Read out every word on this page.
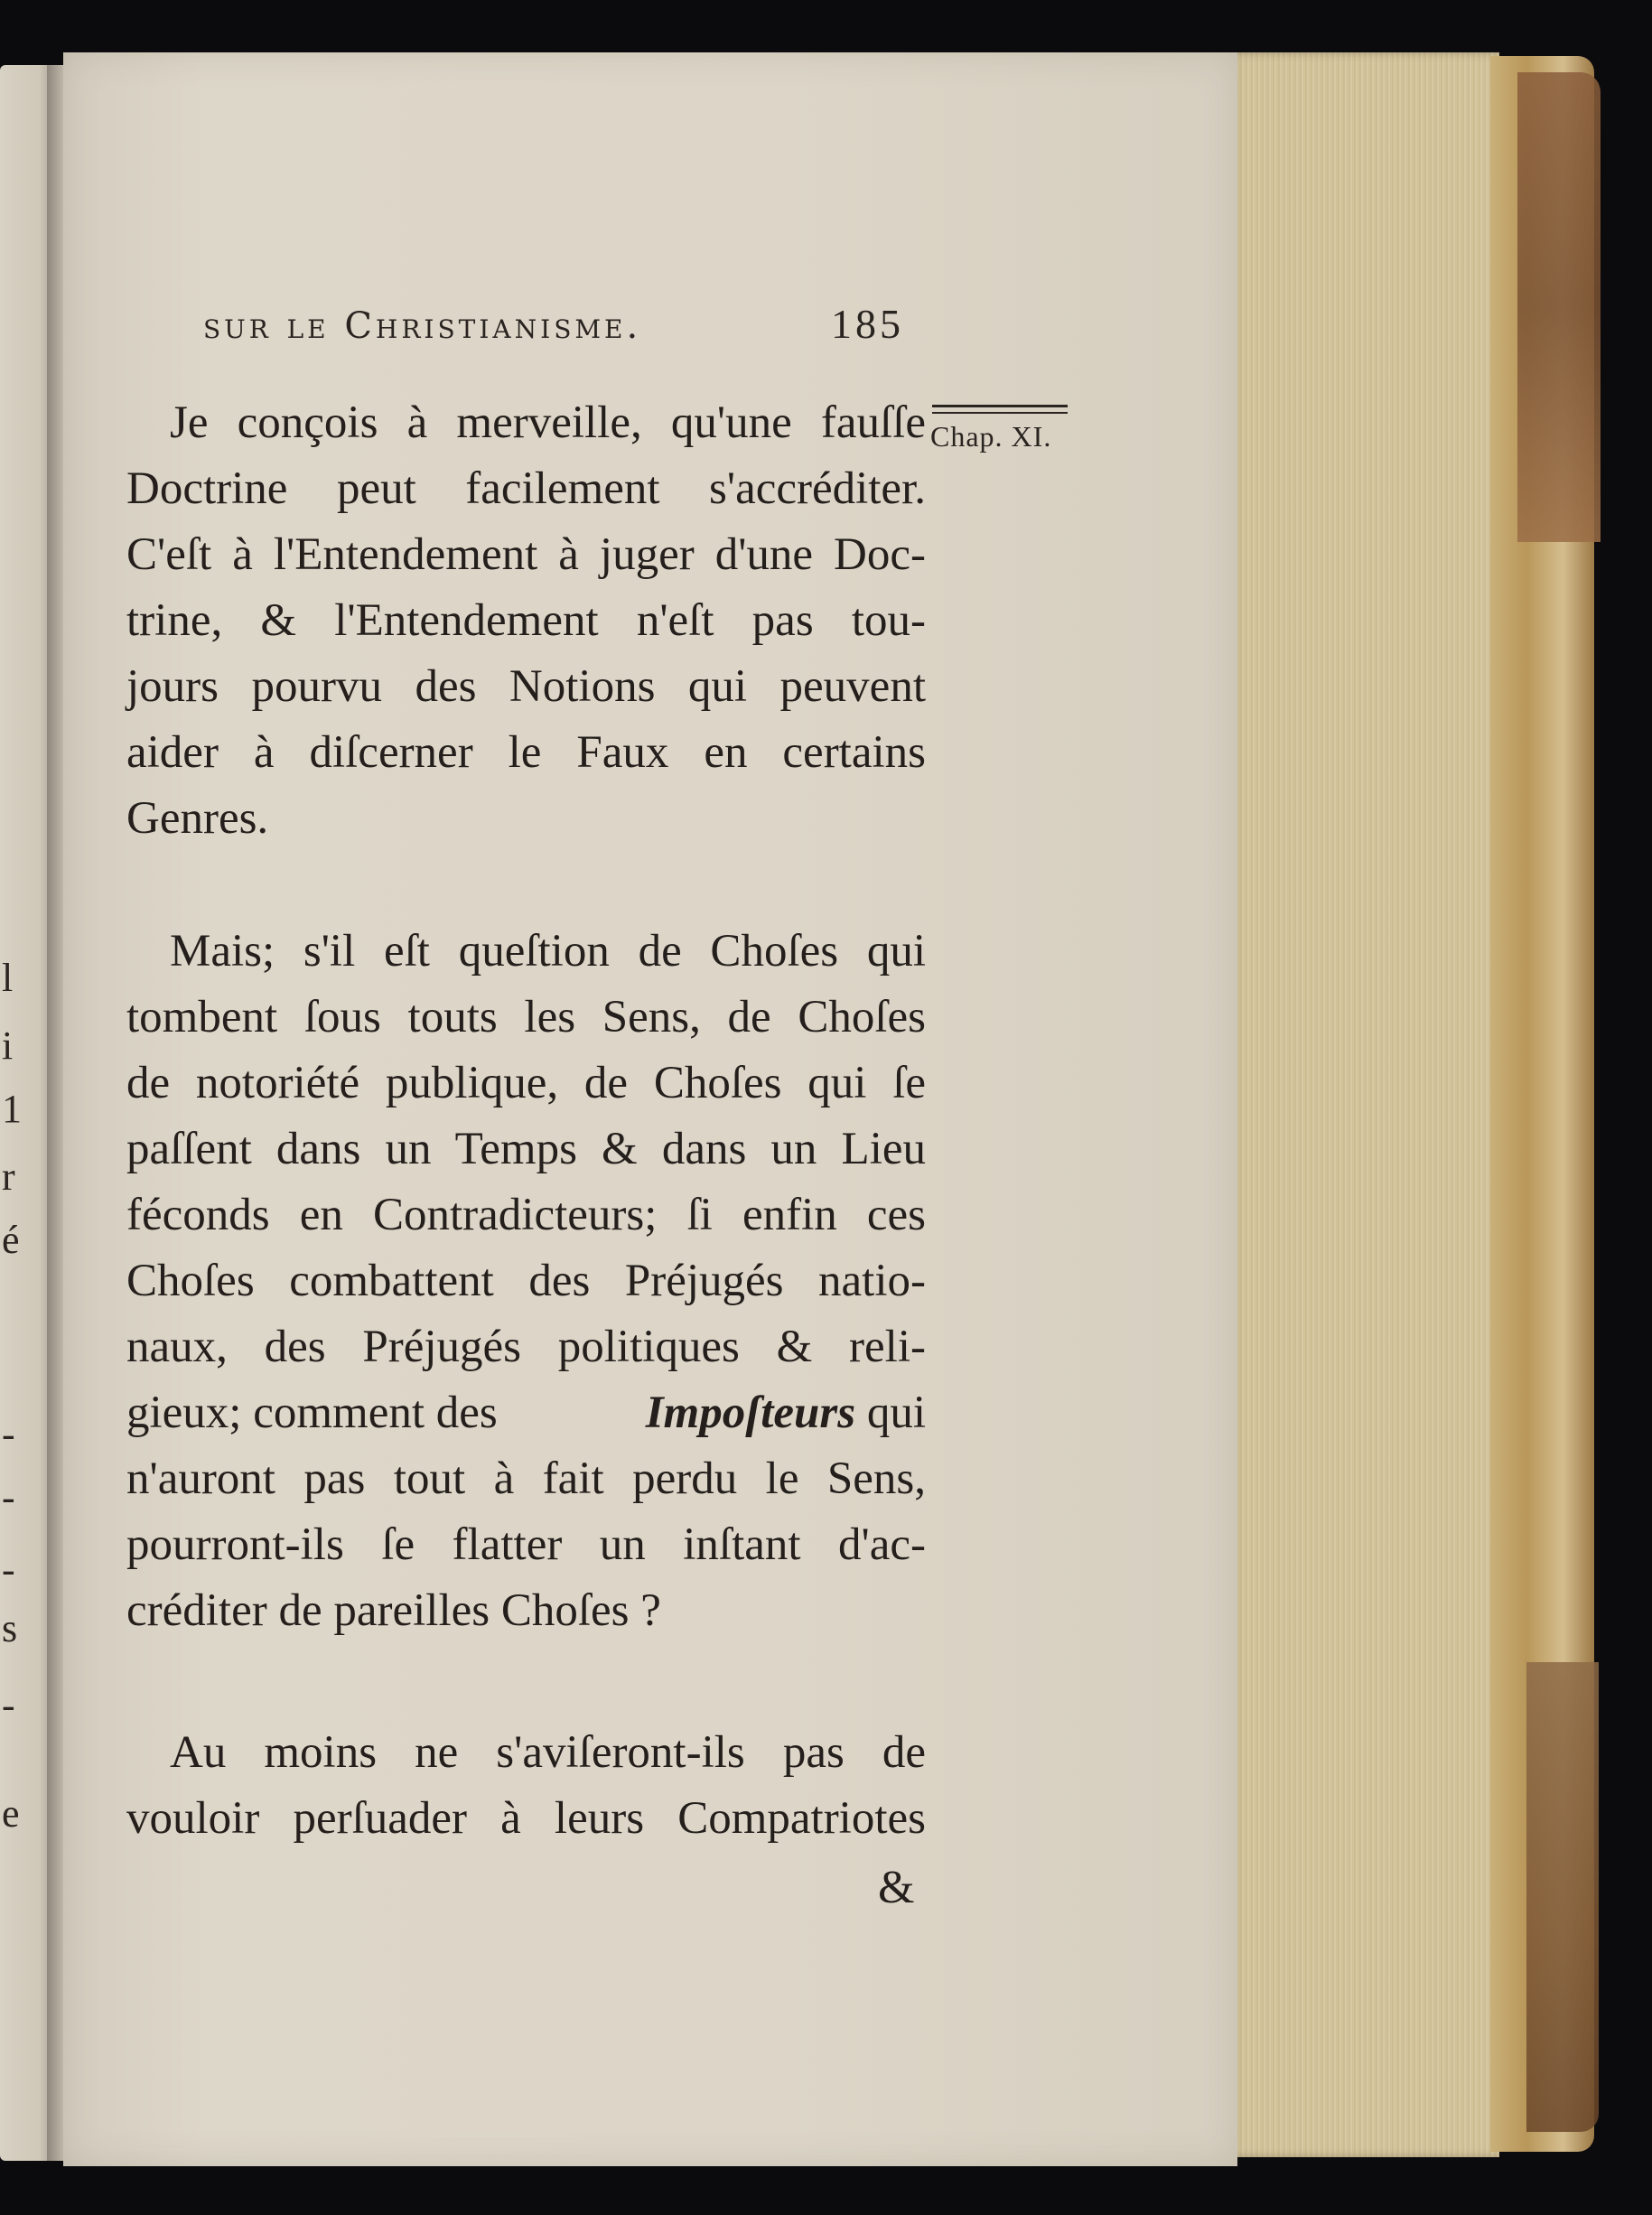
l
i
1
r
é
-
-
-
s
-
e
sur le Christianisme.	185
Chap. XI.
Je conçois à merveille, qu'une fauſſe
Doctrine peut facilement s'accréditer.
C'eſt à l'Entendement à juger d'une Doc-
trine, & l'Entendement n'eſt pas tou-
jours pourvu des Notions qui peuvent
aider à diſcerner le Faux en certains
Genres.
Mais; s'il eſt queſtion de Choſes qui
tombent ſous touts les Sens, de Choſes
de notoriété publique, de Choſes qui ſe
paſſent dans un Temps & dans un Lieu
féconds en Contradicteurs; ſi enfin ces
Choſes combattent des Préjugés natio-
naux, des Préjugés politiques & reli-
gieux; comment des	Impoſteurs qui
n'auront pas tout à fait perdu le Sens,
pourront-ils ſe flatter un inſtant d'ac-
créditer de pareilles Choſes ?
Au moins ne s'aviſeront-ils pas de
vouloir perſuader à leurs Compatriotes
&
